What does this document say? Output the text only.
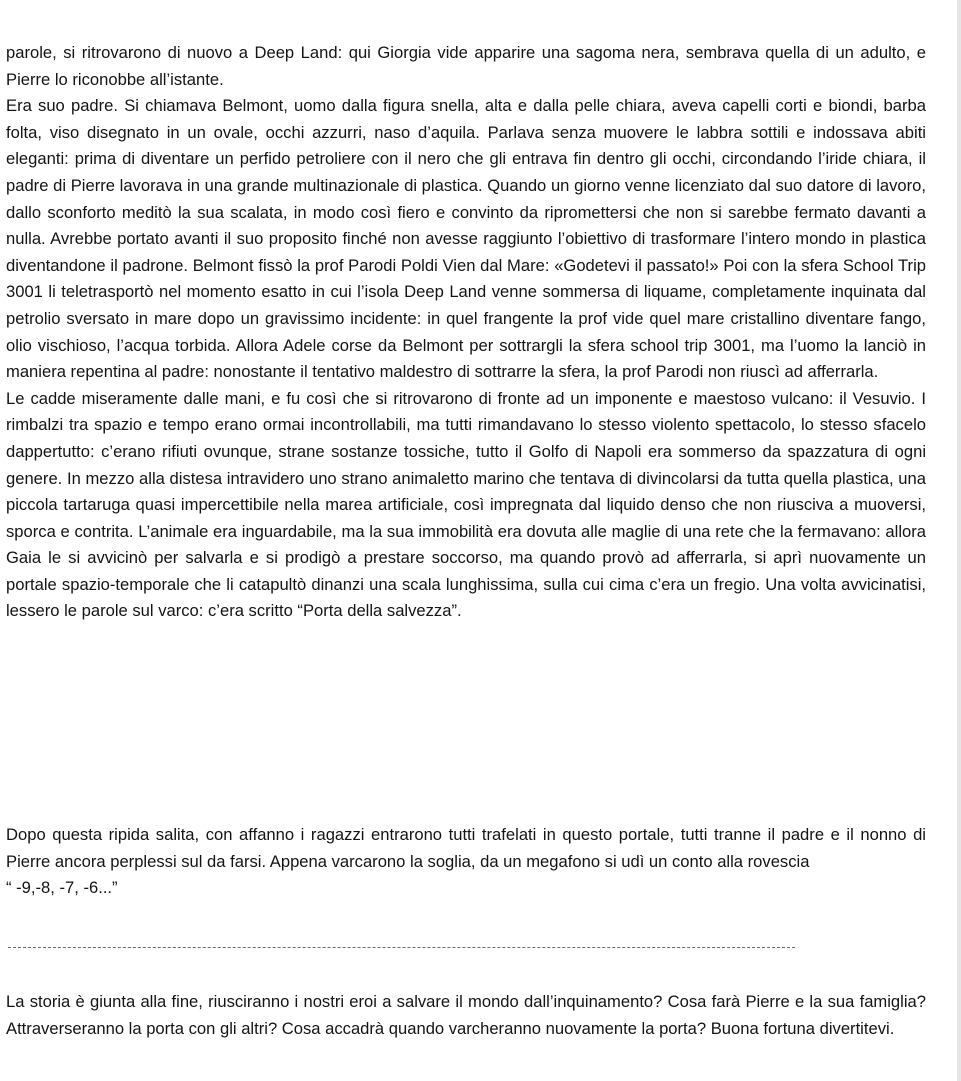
parole, si ritrovarono di nuovo a Deep Land: qui Giorgia vide apparire una sagoma nera, sembrava quella di un adulto, e Pierre lo riconobbe all’istante.

Era suo padre. Si chiamava Belmont, uomo dalla figura snella, alta e dalla pelle chiara, aveva capelli corti e biondi, barba folta, viso disegnato in un ovale, occhi azzurri, naso d’aquila. Parlava senza muovere le labbra sottili e indossava abiti eleganti: prima di diventare un perfido petroliere con il nero che gli entrava fin dentro gli occhi, circondando l’iride chiara, il padre di Pierre lavorava in una grande multinazionale di plastica. Quando un giorno venne licenziato dal suo datore di lavoro, dallo sconforto meditò la sua scalata, in modo così fiero e convinto da ripromettersi che non si sarebbe fermato davanti a nulla. Avrebbe portato avanti il suo proposito finché non avesse raggiunto l’obiettivo di trasformare l’intero mondo in plastica diventandone il padrone. Belmont fissò la prof Parodi Poldi Vien dal Mare: «Godetevi il passato!» Poi con la sfera School Trip 3001 li teletrasportò nel momento esatto in cui l’isola Deep Land venne sommersa di liquame, completamente inquinata dal petrolio sversato in mare dopo un gravissimo incidente: in quel frangente la prof vide quel mare cristallino diventare fango, olio vischioso, l’acqua torbida. Allora Adele corse da Belmont per sottrargli la sfera school trip 3001, ma l’uomo la lanciò in maniera repentina al padre: nonostante il tentativo maldestro di sottrarre la sfera, la prof Parodi non riuscì ad afferrarla.

Le cadde miseramente dalle mani, e fu così che si ritrovarono di fronte ad un imponente e maestoso vulcano: il Vesuvio. I rimbalzi tra spazio e tempo erano ormai incontrollabili, ma tutti rimandavano lo stesso violento spettacolo, lo stesso sfacelo dappertutto: c’erano rifiuti ovunque, strane sostanze tossiche, tutto il Golfo di Napoli era sommerso da spazzatura di ogni genere. In mezzo alla distesa intravidero uno strano animaletto marino che tentava di divincolarsi da tutta quella plastica, una piccola tartaruga quasi impercettibile nella marea artificiale, così impregnata dal liquido denso che non riusciva a muoversi, sporca e contrita. L’animale era inguardabile, ma la sua immobilità era dovuta alle maglie di una rete che la fermavano: allora Gaia le si avvicinò per salvarla e si prodigò a prestare soccorso, ma quando provò ad afferrarla, si aprì nuovamente un portale spazio-temporale che li catapultò dinanzi una scala lunghissima, sulla cui cima c’era un fregio. Una volta avvicinatisi, lessero le parole sul varco: c’era scritto “Porta della salvezza”.

Dopo questa ripida salita, con affanno i ragazzi entrarono tutti trafelati in questo portale, tutti tranne il padre e il nonno di Pierre ancora perplessi sul da farsi. Appena varcarono la soglia, da un megafono si udì un conto alla rovescia

“ -9,-8, -7, -6...”

La storia è giunta alla fine, riusciranno i nostri eroi a salvare il mondo dall’inquinamento? Cosa farà Pierre e la sua famiglia? Attraverseranno la porta con gli altri? Cosa accadrà quando varcheranno nuovamente la porta? Buona fortuna divertitevi.
